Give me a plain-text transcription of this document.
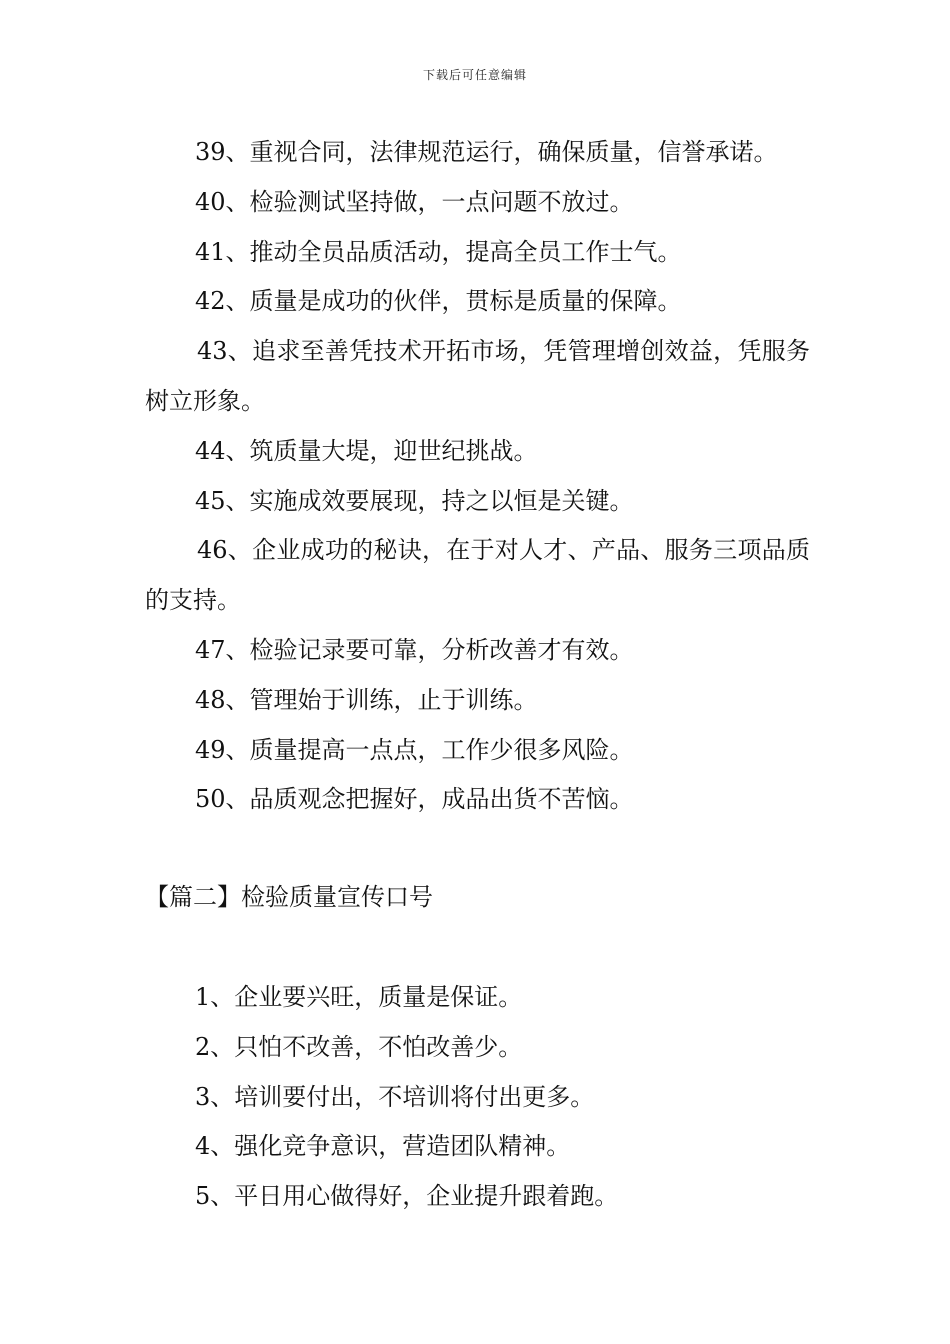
下载后可任意编辑
39、重视合同，法律规范运行，确保质量，信誉承诺。
40、检验测试坚持做，一点问题不放过。
41、推动全员品质活动，提高全员工作士气。
42、质量是成功的伙伴，贯标是质量的保障。
43、追求至善凭技术开拓市场，凭管理增创效益，凭服务树立形象。
44、筑质量大堤，迎世纪挑战。
45、实施成效要展现，持之以恒是关键。
46、企业成功的秘诀，在于对人才、产品、服务三项品质的支持。
47、检验记录要可靠，分析改善才有效。
48、管理始于训练，止于训练。
49、质量提高一点点，工作少很多风险。
50、品质观念把握好，成品出货不苦恼。
【篇二】检验质量宣传口号
1、企业要兴旺，质量是保证。
2、只怕不改善，不怕改善少。
3、培训要付出，不培训将付出更多。
4、强化竞争意识，营造团队精神。
5、平日用心做得好，企业提升跟着跑。
